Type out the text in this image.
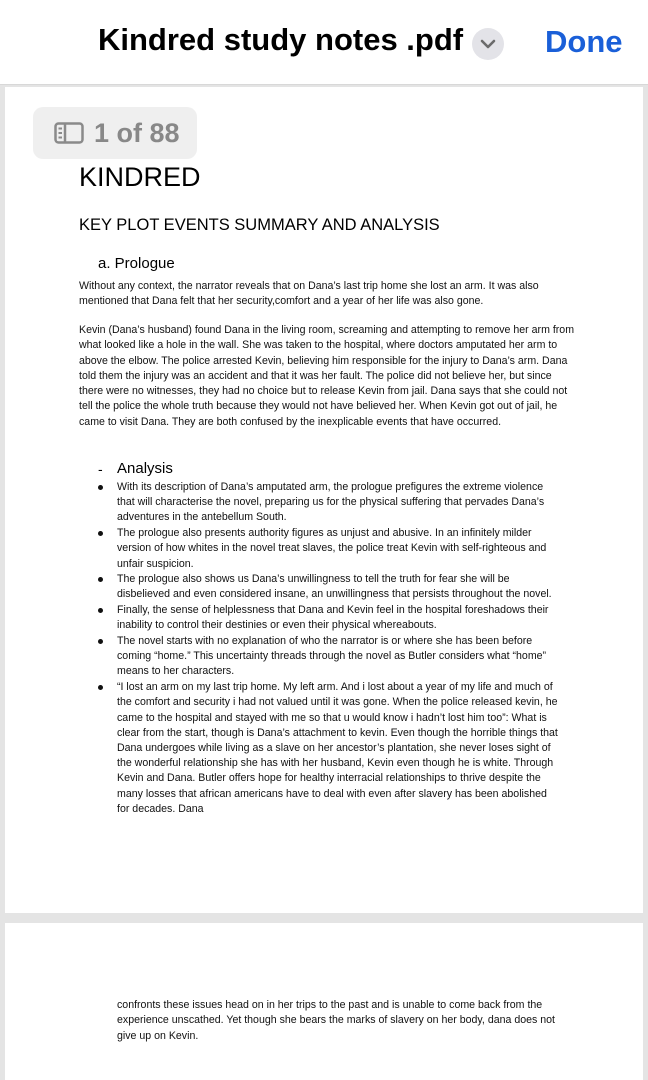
Kindred study notes .pdf	Done
1 of 88
KINDRED
KEY PLOT EVENTS SUMMARY AND ANALYSIS
a. Prologue
Without any context, the narrator reveals that on Dana’s last trip home she lost an arm. It was also mentioned that Dana felt that her security,comfort and a year of her life was also gone.
Kevin (Dana’s husband) found Dana in the living room, screaming and attempting to remove her arm from what looked like a hole in the wall. She was taken to the hospital, where doctors amputated her arm to above the elbow. The police arrested Kevin, believing him responsible for the injury to Dana’s arm. Dana told them the injury was an accident and that it was her fault. The police did not believe her, but since there were no witnesses, they had no choice but to release Kevin from jail. Dana says that she could not tell the police the whole truth because they would not have believed her. When Kevin got out of jail, he came to visit Dana. They are both confused by the inexplicable events that have occurred.
- Analysis
With its description of Dana’s amputated arm, the prologue prefigures the extreme violence that will characterise the novel, preparing us for the physical suffering that pervades Dana’s adventures in the antebellum South.
The prologue also presents authority figures as unjust and abusive. In an infinitely milder version of how whites in the novel treat slaves, the police treat Kevin with self-righteous and unfair suspicion.
The prologue also shows us Dana’s unwillingness to tell the truth for fear she will be disbelieved and even considered insane, an unwillingness that persists throughout the novel.
Finally, the sense of helplessness that Dana and Kevin feel in the hospital foreshadows their inability to control their destinies or even their physical whereabouts.
The novel starts with no explanation of who the narrator is or where she has been before coming “home.” This uncertainty threads through the novel as Butler considers what “home” means to her characters.
“I lost an arm on my last trip home. My left arm. And i lost about a year of my life and much of the comfort and security i had not valued until it was gone. When the police released kevin, he came to the hospital and stayed with me so that u would know i hadn’t lost him too”: What is clear from the start, though is Dana’s attachment to kevin. Even though the horrible things that Dana undergoes while living as a slave on her ancestor’s plantation, she never loses sight of the wonderful relationship she has with her husband, Kevin even though he is white. Through Kevin and Dana. Butler offers hope for healthy interracial relationships to thrive despite the many losses that african americans have to deal with even after slavery has been abolished for decades. Dana
confronts these issues head on in her trips to the past and is unable to come back from the experience unscathed. Yet though she bears the marks of slavery on her body, dana does not give up on Kevin.
